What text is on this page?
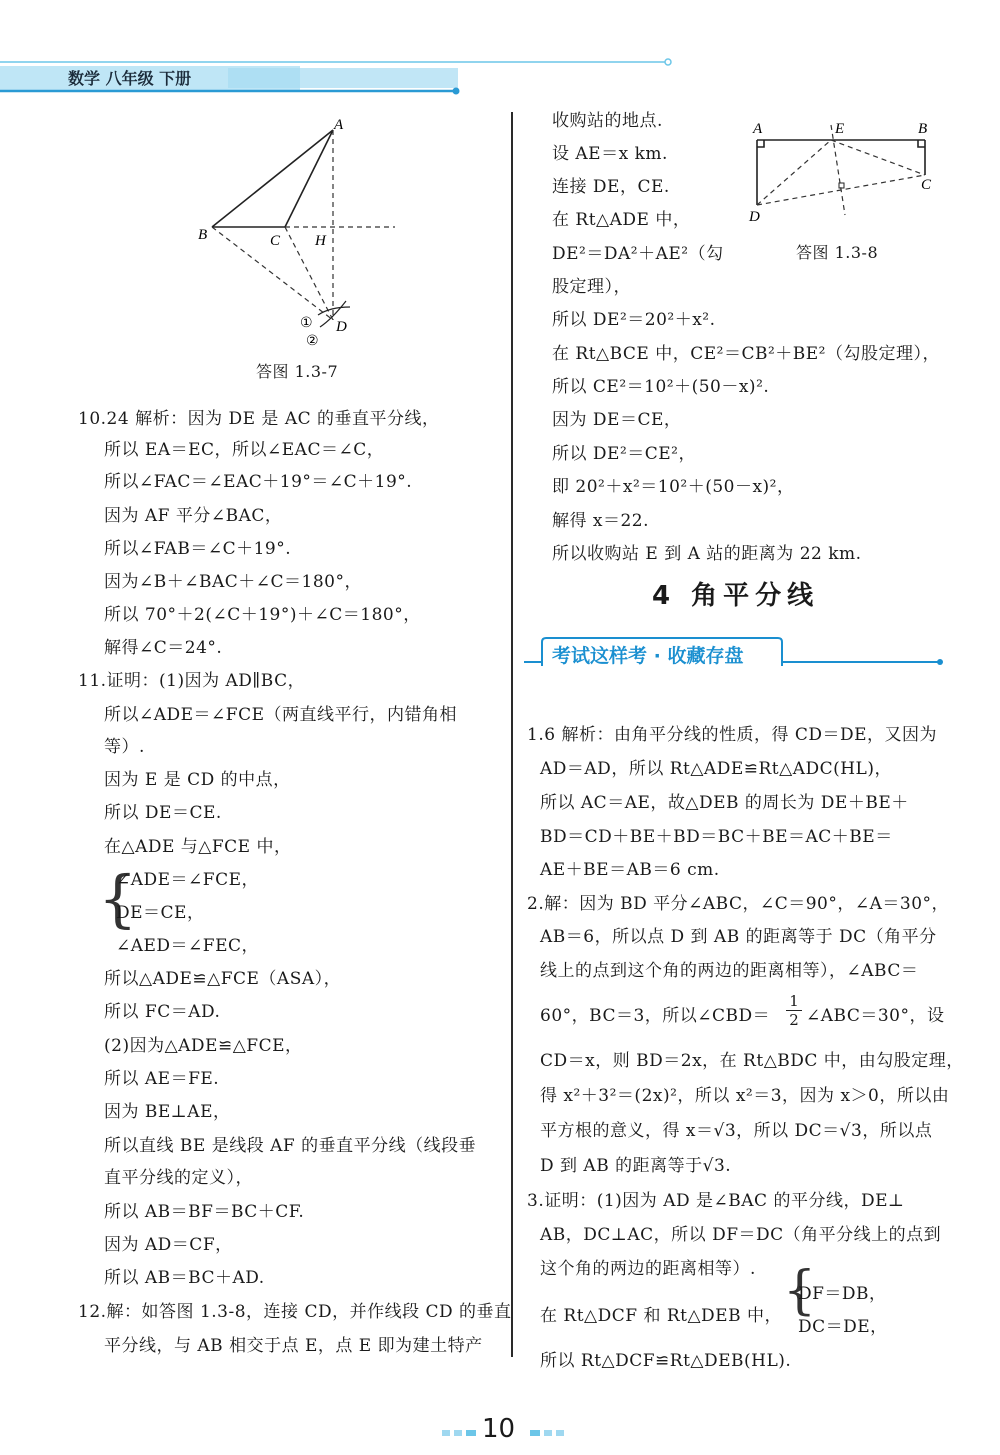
数学 八年级 下册
A
B	C H
D
①
②
答图 1.3-7
A	E	B
C
D
答图 1.3-8
10.24 解析：因为 DE 是 AC 的垂直平分线，
所以 EA＝EC，所以∠EAC＝∠C，
所以∠FAC＝∠EAC＋19°＝∠C＋19°.
因为 AF 平分∠BAC，
所以∠FAB＝∠C＋19°.
因为∠B＋∠BAC＋∠C＝180°，
所以 70°＋2(∠C＋19°)＋∠C＝180°，
解得∠C＝24°.
11.证明：(1)因为 AD∥BC，
所以∠ADE＝∠FCE（两直线平行，内错角相
等）.
因为 E 是 CD 的中点，
所以 DE＝CE.
在△ADE 与△FCE 中，
{
∠ADE＝∠FCE，
DE＝CE，
∠AED＝∠FEC，
所以△ADE≌△FCE（ASA），
所以 FC＝AD.
(2)因为△ADE≌△FCE，
所以 AE＝FE.
因为 BE⊥AE，
所以直线 BE 是线段 AF 的垂直平分线（线段垂
直平分线的定义），
所以 AB＝BF＝BC＋CF.
因为 AD＝CF，
所以 AB＝BC＋AD.
12.解：如答图 1.3-8，连接 CD，并作线段 CD 的垂直
平分线，与 AB 相交于点 E，点 E 即为建土特产
收购站的地点.
设 AE＝x km.
连接 DE，CE.
在 Rt△ADE 中，
DE²＝DA²＋AE²（勾
股定理），
所以 DE²＝20²＋x².
在 Rt△BCE 中，CE²＝CB²＋BE²（勾股定理），
所以 CE²＝10²＋(50－x)².
因为 DE＝CE，
所以 DE²＝CE²，
即 20²＋x²＝10²＋(50－x)²，
解得 x＝22.
所以收购站 E 到 A 站的距离为 22 km.
4 角平分线
考试这样考 · 收藏存盘
1.6 解析：由角平分线的性质，得 CD＝DE，又因为
AD＝AD，所以 Rt△ADE≌Rt△ADC(HL)，
所以 AC＝AE，故△DEB 的周长为 DE＋BE＋
BD＝CD＋BE＋BD＝BC＋BE＝AC＋BE＝
AE＋BE＝AB＝6 cm.
2.解：因为 BD 平分∠ABC，∠C＝90°，∠A＝30°，
AB＝6，所以点 D 到 AB 的距离等于 DC（角平分
线上的点到这个角的两边的距离相等），∠ABC＝
60°，BC＝3，所以∠CBD＝ $\frac{1}{2}$ ∠ABC＝30°，设
CD＝x，则 BD＝2x，在 Rt△BDC 中，由勾股定理，
得 x²＋3²＝(2x)²，所以 x²＝3，因为 x＞0，所以由
平方根的意义，得 x＝√3，所以 DC＝√3，所以点
D 到 AB 的距离等于√3.
3.证明：(1)因为 AD 是∠BAC 的平分线，DE⊥
AB，DC⊥AC，所以 DF＝DC（角平分线上的点到
这个角的两边的距离相等）.
在 Rt△DCF 和 Rt△DEB 中， {
DF＝DB，
DC＝DE，
所以 Rt△DCF≌Rt△DEB(HL).
10
